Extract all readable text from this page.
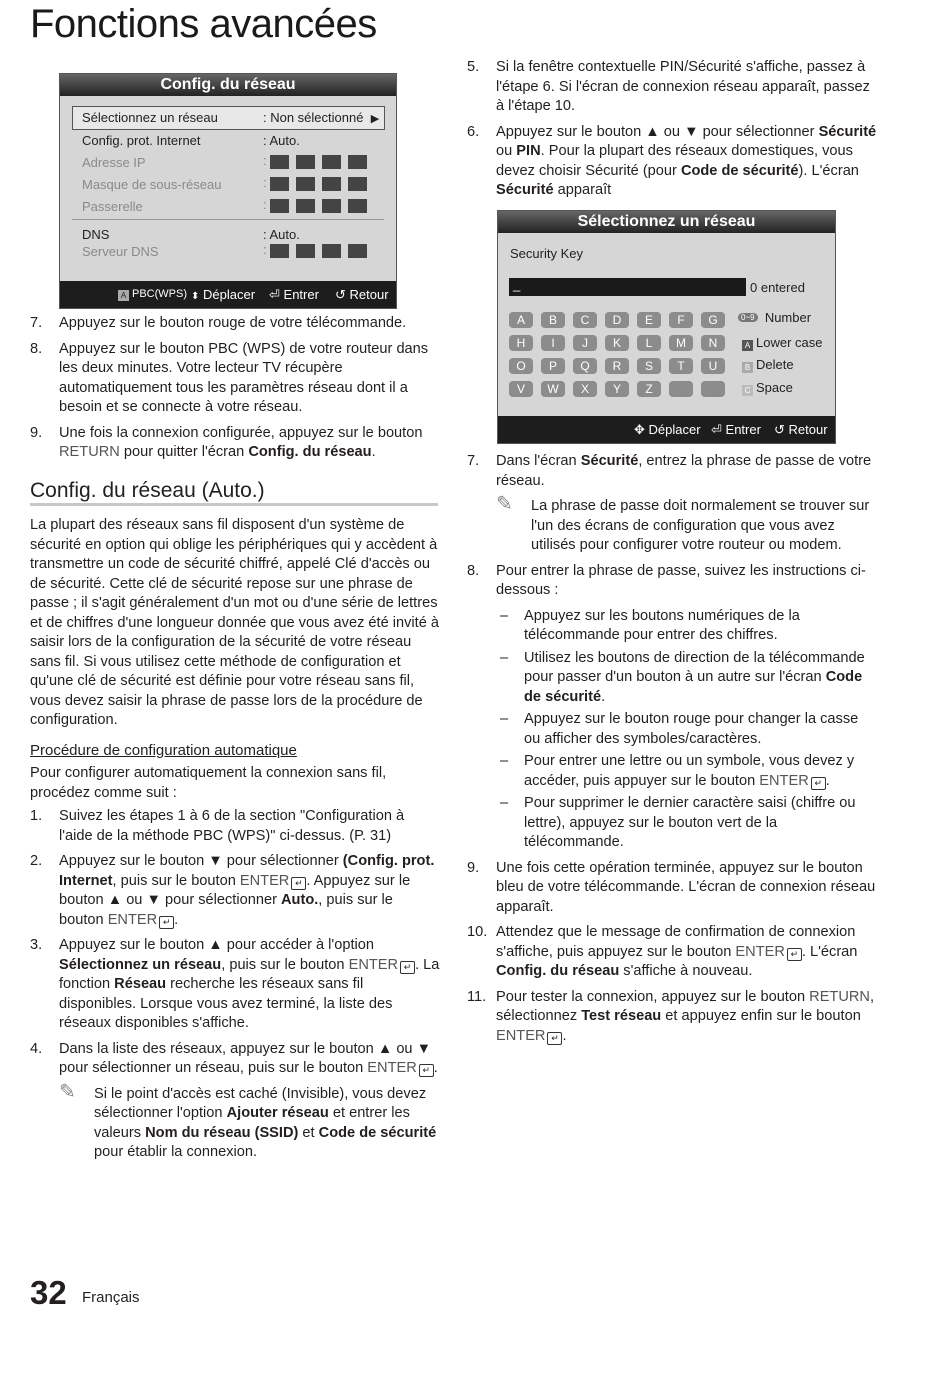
Fonctions avancées
Config. du réseau
Sélectionnez un réseau	: Non sélectionné ▶
Config. prot. Internet	: Auto.
Adresse IP	:
Masque de sous-réseau	:
Passerelle	:
DNS	: Auto.
Serveur DNS	:
A PBC(WPS) ⬍ Déplacer ⏎ Entrer ↺ Retour
7. Appuyez sur le bouton rouge de votre télécommande.
8. Appuyez sur le bouton PBC (WPS) de votre routeur dans les deux minutes. Votre lecteur TV récupère automatiquement tous les paramètres réseau dont il a besoin et se connecte à votre réseau.
9. Une fois la connexion configurée, appuyez sur le bouton RETURN pour quitter l'écran Config. du réseau.
Config. du réseau (Auto.)

La plupart des réseaux sans fil disposent d'un système de sécurité en option qui oblige les périphériques qui y accèdent à transmettre un code de sécurité chiffré, appelé Clé d'accès ou de sécurité. Cette clé de sécurité repose sur une phrase de passe ; il s'agit généralement d'un mot ou d'une série de lettres et de chiffres d'une longueur donnée que vous avez été invité à saisir lors de la configuration de la sécurité de votre réseau sans fil. Si vous utilisez cette méthode de configuration et qu'une clé de sécurité est définie pour votre réseau sans fil, vous devez saisir la phrase de passe lors de la procédure de configuration.

Procédure de configuration automatique

Pour configurer automatiquement la connexion sans fil, procédez comme suit :

1. Suivez les étapes 1 à 6 de la section "Configuration à l'aide de la méthode PBC (WPS)" ci-dessus. (P. 31)
2. Appuyez sur le bouton ▼ pour sélectionner (Config. prot. Internet, puis sur le bouton ENTER ↵ . Appuyez sur le bouton ▲ ou ▼ pour sélectionner Auto., puis sur le bouton ENTER ↵ .
3. Appuyez sur le bouton ▲ pour accéder à l'option Sélectionnez un réseau, puis sur le bouton ENTER ↵ . La fonction Réseau recherche les réseaux sans fil disponibles. Lorsque vous avez terminé, la liste des réseaux disponibles s'affiche.
4. Dans la liste des réseaux, appuyez sur le bouton ▲ ou ▼ pour sélectionner un réseau, puis sur le bouton ENTER ↵ .
✎ Si le point d'accès est caché (Invisible), vous devez sélectionner l'option Ajouter réseau et entrer les valeurs Nom du réseau (SSID) et Code de sécurité pour établir la connexion.
5. Si la fenêtre contextuelle PIN/Sécurité s'affiche, passez à l'étape 6. Si l'écran de connexion réseau apparaît, passez à l'étape 10.
6. Appuyez sur le bouton ▲ ou ▼ pour sélectionner Sécurité ou PIN. Pour la plupart des réseaux domestiques, vous devez choisir Sécurité (pour Code de sécurité). L'écran Sécurité apparaît
Sélectionnez un réseau
Security Key
_	0 entered
A	B	C	D	E	F	G
H	I	J	K	L	M	N
O	P	Q	R	S	T	U
V	W	X	Y	Z
0~9 Number
A Lower case
B Delete
C Space
✥ Déplacer ⏎ Entrer ↺ Retour
7. Dans l'écran Sécurité, entrez la phrase de passe de votre réseau.
✎ La phrase de passe doit normalement se trouver sur l'un des écrans de configuration que vous avez utilisés pour configurer votre routeur ou modem.
8. Pour entrer la phrase de passe, suivez les instructions ci-dessous :
– Appuyez sur les boutons numériques de la télécommande pour entrer des chiffres.
– Utilisez les boutons de direction de la télécommande pour passer d'un bouton à un autre sur l'écran Code de sécurité.
– Appuyez sur le bouton rouge pour changer la casse ou afficher des symboles/caractères.
– Pour entrer une lettre ou un symbole, vous devez y accéder, puis appuyer sur le bouton ENTER ↵ .
– Pour supprimer le dernier caractère saisi (chiffre ou lettre), appuyez sur le bouton vert de la télécommande.
9. Une fois cette opération terminée, appuyez sur le bouton bleu de votre télécommande. L'écran de connexion réseau apparaît.
10. Attendez que le message de confirmation de connexion s'affiche, puis appuyez sur le bouton ENTER ↵ . L'écran Config. du réseau s'affiche à nouveau.
11. Pour tester la connexion, appuyez sur le bouton RETURN, sélectionnez Test réseau et appuyez enfin sur le bouton ENTER ↵ .
32 Français
